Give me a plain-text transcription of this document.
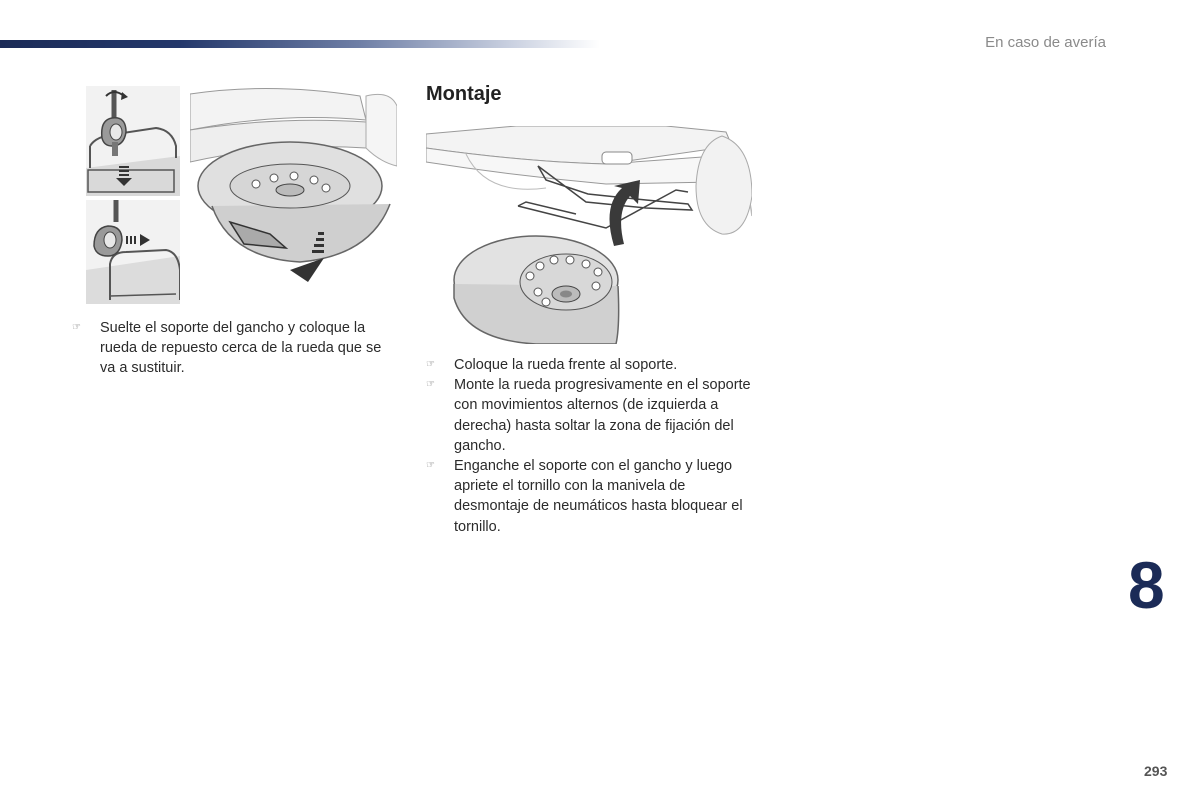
En caso de avería
8
293
Montaje
☞	Suelte el soporte del gancho y coloque la rueda de repuesto cerca de la rueda que se va a sustituir.	☞	Coloque la rueda frente al soporte.
☞	Monte la rueda progresivamente en el soporte con movimientos alternos (de izquierda a derecha) hasta soltar la zona de fijación del gancho.
☞	Enganche el soporte con el gancho y luego apriete el tornillo con la manivela de desmontaje de neumáticos hasta bloquear el tornillo.
